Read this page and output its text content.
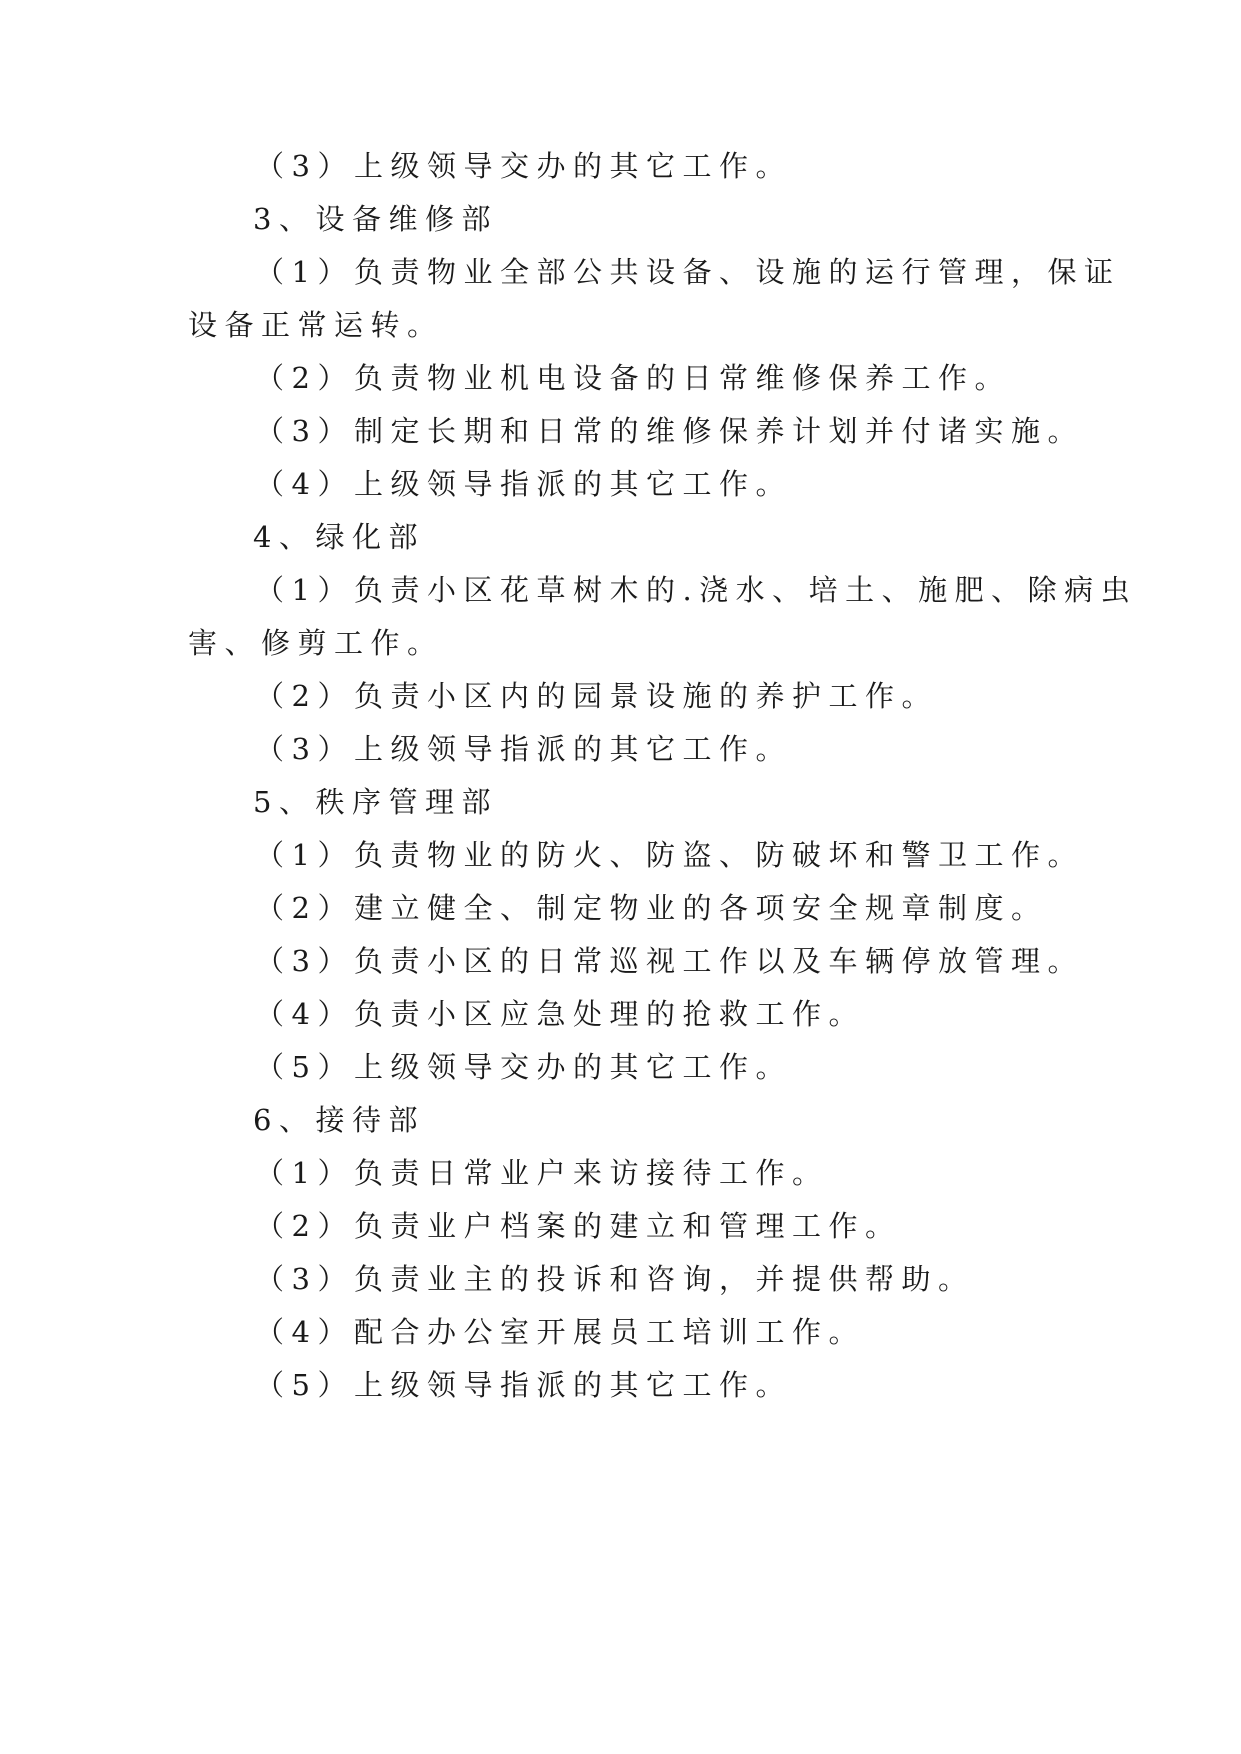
（3）上级领导交办的其它工作。
3、设备维修部
（1）负责物业全部公共设备、设施的运行管理，保证
设备正常运转。
（2）负责物业机电设备的日常维修保养工作。
（3）制定长期和日常的维修保养计划并付诸实施。
（4）上级领导指派的其它工作。
4、绿化部
（1）负责小区花草树木的.浇水、培土、施肥、除病虫
害、修剪工作。
（2）负责小区内的园景设施的养护工作。
（3）上级领导指派的其它工作。
5、秩序管理部
（1）负责物业的防火、防盗、防破坏和警卫工作。
（2）建立健全、制定物业的各项安全规章制度。
（3）负责小区的日常巡视工作以及车辆停放管理。
（4）负责小区应急处理的抢救工作。
（5）上级领导交办的其它工作。
6、接待部
（1）负责日常业户来访接待工作。
（2）负责业户档案的建立和管理工作。
（3）负责业主的投诉和咨询，并提供帮助。
（4）配合办公室开展员工培训工作。
（5）上级领导指派的其它工作。
